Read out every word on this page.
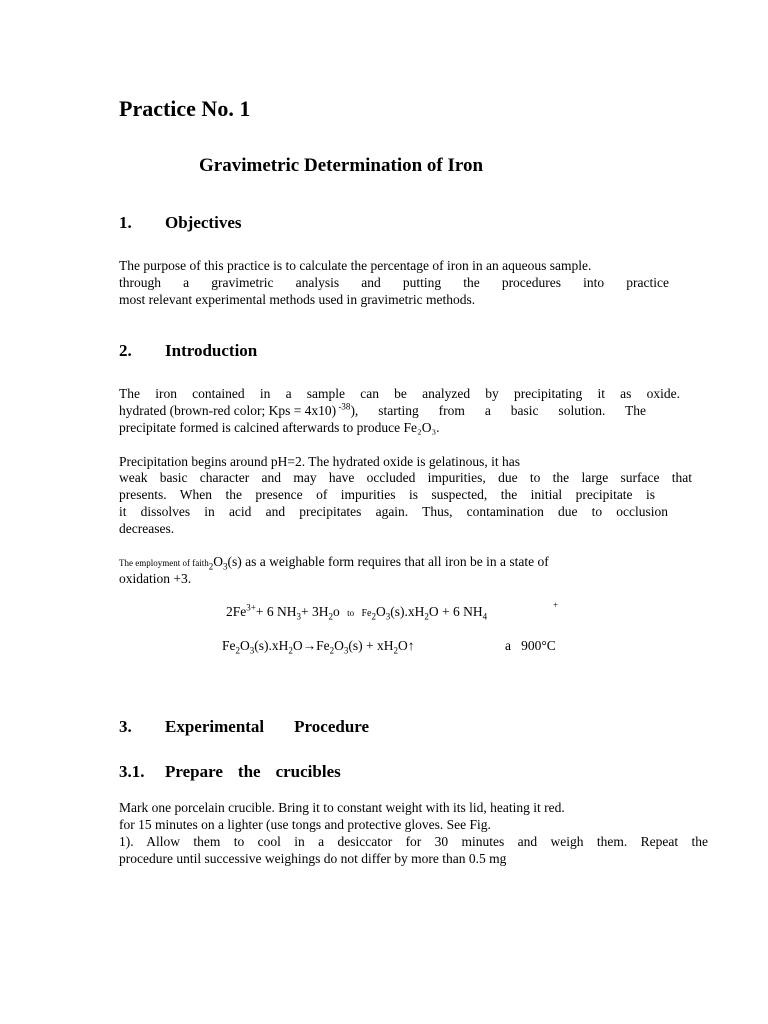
Practice No. 1
Gravimetric Determination of Iron
1. Objectives
The purpose of this practice is to calculate the percentage of iron in an aqueous sample.
through a gravimetric analysis and putting the procedures into practice
most relevant experimental methods used in gravimetric methods.
2. Introduction
The iron contained in a sample can be analyzed by precipitating it as oxide.
hydrated (brown-red color; Kps = 4x10) $^{-38}$ ), starting from a basic solution. The
precipitate formed is calcined afterwards to produce Fe₂O₃.
Precipitation begins around pH=2. The hydrated oxide is gelatinous, it has
weak basic character and may have occluded impurities, due to the large surface that
presents. When the presence of impurities is suspected, the initial precipitate is
it dissolves in acid and precipitates again. Thus, contamination due to occlusion
decreases.
The employment of $faith_2O_3(s)$ as a weighable form requires that all iron be in a state of
oxidation +3.
$2Fe^{3+}+ 6$ $NH_3+ 3H_2o$ to $Fe_2O_3(s).xH_2O + 6$ $NH_4$
+
$Fe_2O_3(s).xH_2O\to Fe_2O_3(s)$ + $xH_2O↑$	a   900°C
3. Experimental Procedure
3.1. Prepare the crucibles
Mark one porcelain crucible. Bring it to constant weight with its lid, heating it red.
for 15 minutes on a lighter (use tongs and protective gloves. See Fig.
1). Allow them to cool in a desiccator for 30 minutes and weigh them. Repeat the
procedure until successive weighings do not differ by more than 0.5 mg
